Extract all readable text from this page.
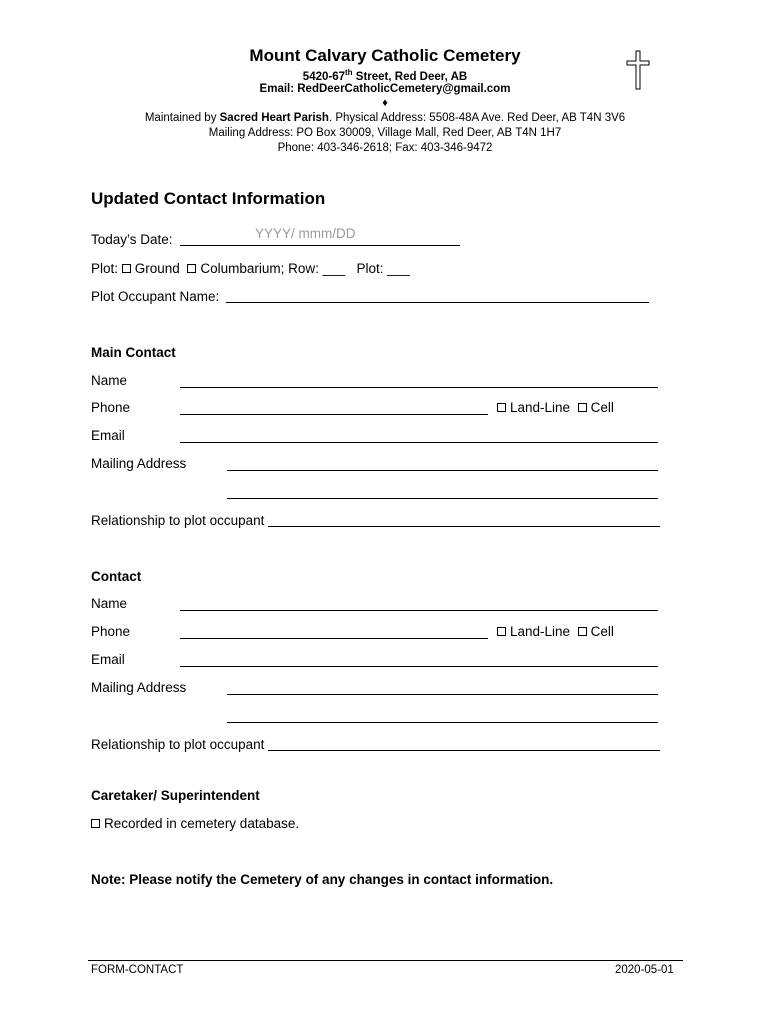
Mount Calvary Catholic Cemetery
5420-67th Street, Red Deer, AB
Email: RedDeerCatholicCemetery@gmail.com
♦
Maintained by Sacred Heart Parish. Physical Address: 5508-48A Ave. Red Deer, AB T4N 3V6
Mailing Address: PO Box 30009, Village Mall, Red Deer, AB T4N 1H7
Phone: 403-346-2618; Fax: 403-346-9472
Updated Contact Information
Today’s Date:	YYYY/ mmm/DD
Plot: Ground Columbarium; Row: ___ Plot: ___
Plot Occupant Name:
Main Contact
Name
Phone	Land-Line Cell
Email
Mailing Address
Relationship to plot occupant
Contact
Name
Phone	Land-Line Cell
Email
Mailing Address
Relationship to plot occupant
Caretaker/ Superintendent
Recorded in cemetery database.
Note: Please notify the Cemetery of any changes in contact information.
FORM-CONTACT	2020-05-01
